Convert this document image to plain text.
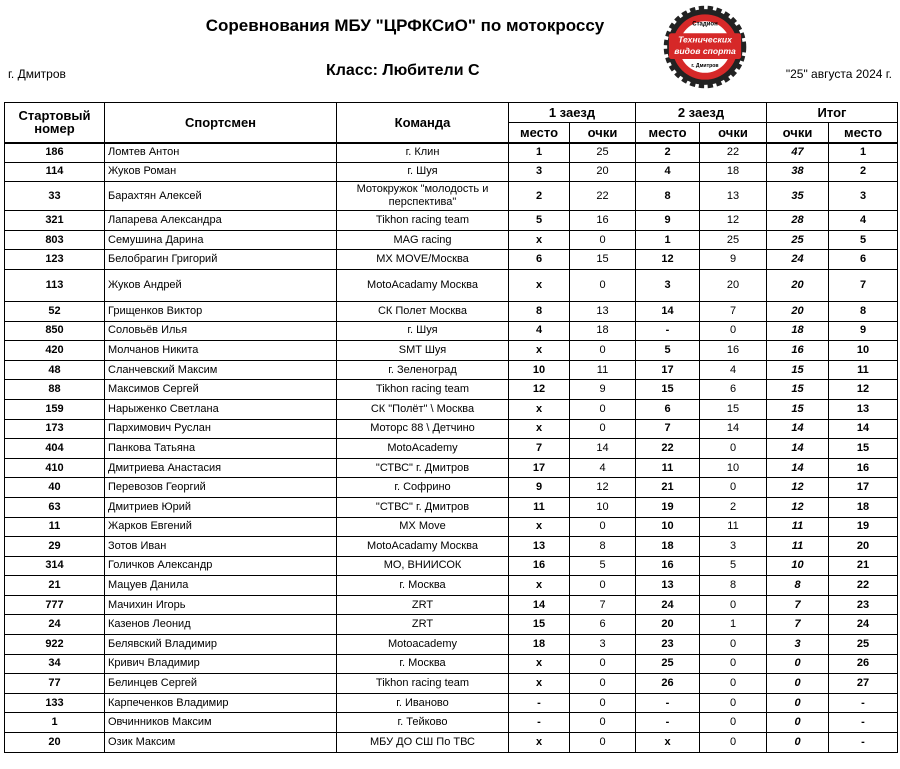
Соревнования МБУ "ЦРФКСиО" по мотокроссу
г. Дмитров	Класс: Любители С	"25" августа 2024 г.
Стадион
Технических
видов спорта
г. Дмитров
Стартовый номер	Спортсмен	Команда	1 заезд		2 заезд		Итог	
			место	очки	место	очки	очки	место
186	Ломтев Антон	г. Клин	1	25	2	22	47	1
114	Жуков Роман	г. Шуя	3	20	4	18	38	2
33	Барахтян Алексей	Мотокружок "молодость и перспектива"	2	22	8	13	35	3
321	Лапарева Александра	Tikhon racing team	5	16	9	12	28	4
803	Семушина Дарина	MAG racing	x	0	1	25	25	5
123	Белобрагин Григорий	MX MOVE/Москва	6	15	12	9	24	6
113	Жуков Андрей	MotoAcadamy Москва	x	0	3	20	20	7
52	Грищенков Виктор	СК Полет Москва	8	13	14	7	20	8
850	Соловьёв Илья	г. Шуя	4	18	-	0	18	9
420	Молчанов Никита	SMT Шуя	x	0	5	16	16	10
48	Сланчевский Максим	г. Зеленоград	10	11	17	4	15	11
88	Максимов Сергей	Tikhon racing team	12	9	15	6	15	12
159	Нарыженко Светлана	СК "Полёт" \ Москва	x	0	6	15	15	13
173	Пархимович Руслан	Моторс 88 \ Детчино	x	0	7	14	14	14
404	Панкова Татьяна	MotoAcademy	7	14	22	0	14	15
410	Дмитриева Анастасия	"СТВС" г. Дмитров	17	4	11	10	14	16
40	Перевозов Георгий	г. Софрино	9	12	21	0	12	17
63	Дмитриев Юрий	"СТВС" г. Дмитров	11	10	19	2	12	18
11	Жарков Евгений	MX Move	x	0	10	11	11	19
29	Зотов Иван	MotoAcadamy Москва	13	8	18	3	11	20
314	Голичков Александр	МО, ВНИИСОК	16	5	16	5	10	21
21	Мацуев Данила	г. Москва	x	0	13	8	8	22
777	Мачихин Игорь	ZRT	14	7	24	0	7	23
24	Казенов Леонид	ZRT	15	6	20	1	7	24
922	Белявский Владимир	Motoacademy	18	3	23	0	3	25
34	Кривич Владимир	г. Москва	x	0	25	0	0	26
77	Белинцев Сергей	Tikhon racing team	x	0	26	0	0	27
133	Карпеченков Владимир	г. Иваново	-	0	-	0	0	-
1	Овчинников Максим	г. Тейково	-	0	-	0	0	-
20	Озик Максим	МБУ ДО СШ По ТВС	x	0	x	0	0	-
